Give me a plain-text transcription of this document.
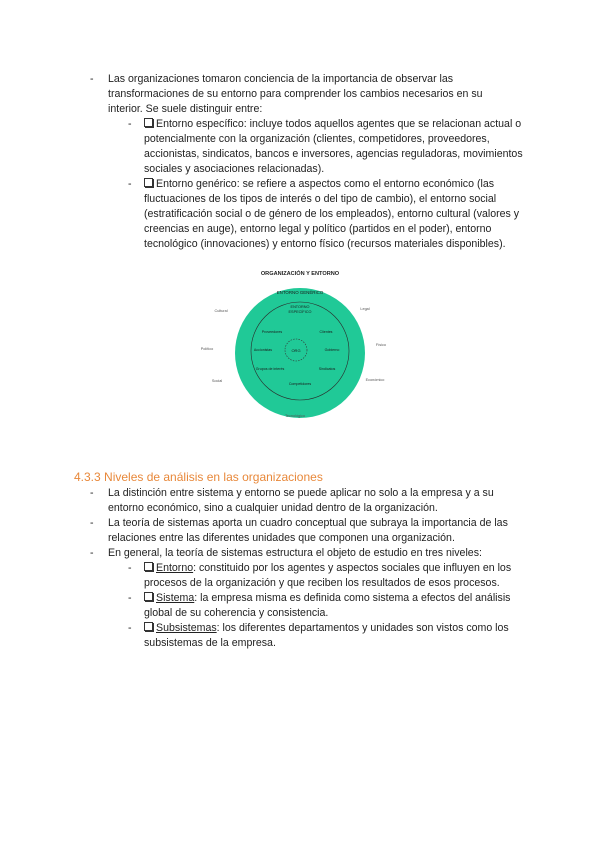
- Las organizaciones tomaron conciencia de la importancia de observar las transformaciones de su entorno para comprender los cambios necesarios en su interior. Se suele distinguir entre:
- Entorno específico: incluye todos aquellos agentes que se relacionan actual o potencialmente con la organización (clientes, competidores, proveedores, accionistas, sindicatos, bancos e inversores, agencias reguladoras, movimientos sociales y asociaciones relacionadas).
- Entorno genérico: se refiere a aspectos como el entorno económico (las fluctuaciones de los tipos de interés o del tipo de cambio), el entorno social (estratificación social o de género de los empleados), entorno cultural (valores y creencias en auge), entorno legal y político (partidos en el poder), entorno tecnológico (innovaciones) y entorno físico (recursos materiales disponibles).
ORGANIZACIÓN Y ENTORNO
ENTORNO GENÉRICO
ENTORNO
ESPECÍFICO
ORG
Proveedores	Clientes
Accionistas	Gobierno
Grupos de interés	Sindicatos
Competidores
Cultural	Legal
Político
Físico
Social	Económico
Tecnológico
4.3.3 Niveles de análisis en las organizaciones
- La distinción entre sistema y entorno se puede aplicar no solo a la empresa y a su entorno económico, sino a cualquier unidad dentro de la organización.
- La teoría de sistemas aporta un cuadro conceptual que subraya la importancia de las relaciones entre las diferentes unidades que componen una organización.
- En general, la teoría de sistemas estructura el objeto de estudio en tres niveles:
- Entorno: constituido por los agentes y aspectos sociales que influyen en los procesos de la organización y que reciben los resultados de esos procesos.
- Sistema: la empresa misma es definida como sistema a efectos del análisis global de su coherencia y consistencia.
- Subsistemas: los diferentes departamentos y unidades son vistos como los subsistemas de la empresa.
